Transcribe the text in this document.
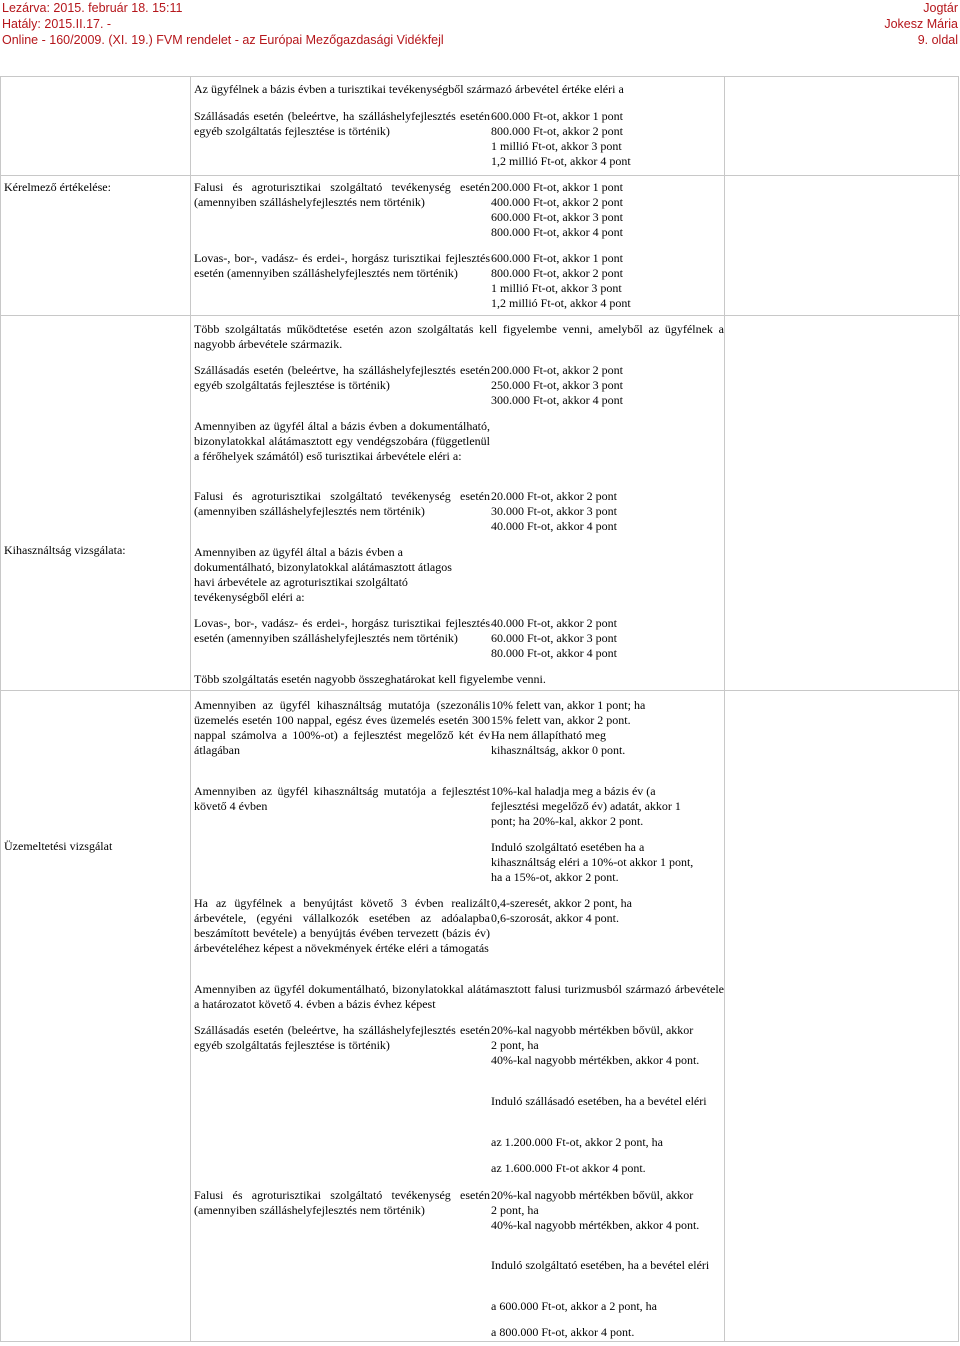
Lezárva: 2015. február 18. 15:11
Hatály: 2015.II.17. -
Online - 160/2009. (XI. 19.) FVM rendelet - az Európai Mezőgazdasági Vidékfejl
Jogtár
Jokesz Mária
9. oldal
Kérelmező értékelése:
Kihasználtság vizsgálata:
Üzemeltetési vizsgálat
Az ügyfélnek a bázis évben a turisztikai tevékenységből származó árbevétel értéke eléri a
Szállásadás esetén (beleértve, ha szálláshelyfejlesztés esetén egyéb szolgáltatás fejlesztése is történik)
600.000 Ft-ot, akkor 1 pont
800.000 Ft-ot, akkor 2 pont
1 millió Ft-ot, akkor 3 pont
1,2 millió Ft-ot, akkor 4 pont
Falusi és agroturisztikai szolgáltató tevékenység esetén (amennyiben szálláshelyfejlesztés nem történik)
200.000 Ft-ot, akkor 1 pont
400.000 Ft-ot, akkor 2 pont
600.000 Ft-ot, akkor 3 pont
800.000 Ft-ot, akkor 4 pont
Lovas-, bor-, vadász- és erdei-, horgász turisztikai fejlesztés esetén (amennyiben szálláshelyfejlesztés nem történik)
600.000 Ft-ot, akkor 1 pont
800.000 Ft-ot, akkor 2 pont
1 millió Ft-ot, akkor 3 pont
1,2 millió Ft-ot, akkor 4 pont
Több szolgáltatás működtetése esetén azon szolgáltatás kell figyelembe venni, amelyből az ügyfélnek a nagyobb árbevétele származik.
Szállásadás esetén (beleértve, ha szálláshelyfejlesztés esetén egyéb szolgáltatás fejlesztése is történik)
200.000 Ft-ot, akkor 2 pont
250.000 Ft-ot, akkor 3 pont
300.000 Ft-ot, akkor 4 pont
Amennyiben az ügyfél által a bázis évben a dokumentálható, bizonylatokkal alátámasztott egy vendégszobára (függetlenül a férőhelyek számától) eső turisztikai árbevétele eléri a:
Falusi és agroturisztikai szolgáltató tevékenység esetén (amennyiben szálláshelyfejlesztés nem történik)
20.000 Ft-ot, akkor 2 pont
30.000 Ft-ot, akkor 3 pont
40.000 Ft-ot, akkor 4 pont
Amennyiben az ügyfél által a bázis évben a
dokumentálható, bizonylatokkal alátámasztott átlagos
havi árbevétele az agroturisztikai szolgáltató
tevékenységből eléri a:
Lovas-, bor-, vadász- és erdei-, horgász turisztikai fejlesztés esetén (amennyiben szálláshelyfejlesztés nem történik)
40.000 Ft-ot, akkor 2 pont
60.000 Ft-ot, akkor 3 pont
80.000 Ft-ot, akkor 4 pont
Több szolgáltatás esetén nagyobb összeghatárokat kell figyelembe venni.
Amennyiben az ügyfél kihasználtság mutatója (szezonális üzemelés esetén 100 nappal, egész éves üzemelés esetén 300 nappal számolva a 100%-ot) a fejlesztést megelőző két év átlagában
10% felett van, akkor 1 pont; ha
15% felett van, akkor 2 pont.
Ha nem állapítható meg
kihasználtság, akkor 0 pont.
Amennyiben az ügyfél kihasználtság mutatója a fejlesztést követő 4 évben
10%-kal haladja meg a bázis év (a
fejlesztési megelőző év) adatát, akkor 1
pont; ha 20%-kal, akkor 2 pont.
Induló szolgáltató esetében ha a
kihasználtság eléri a 10%-ot akkor 1 pont,
ha a 15%-ot, akkor 2 pont.
Ha az ügyfélnek a benyújtást követő 3 évben realizált árbevétele, (egyéni vállalkozók esetében az adóalapba beszámított bevétele) a benyújtás évében tervezett (bázis év) árbevételéhez képest a növekmények értéke eléri a támogatás
0,4-szeresét, akkor 2 pont, ha
0,6-szorosát, akkor 4 pont.
Amennyiben az ügyfél dokumentálható, bizonylatokkal alátámasztott falusi turizmusból származó árbevétele a határozatot követő 4. évben a bázis évhez képest
Szállásadás esetén (beleértve, ha szálláshelyfejlesztés esetén egyéb szolgáltatás fejlesztése is történik)
20%-kal nagyobb mértékben bővül, akkor
2 pont, ha
40%-kal nagyobb mértékben, akkor 4 pont.
Induló szállásadó esetében, ha a bevétel eléri
az 1.200.000 Ft-ot, akkor 2 pont, ha
az 1.600.000 Ft-ot akkor 4 pont.
Falusi és agroturisztikai szolgáltató tevékenység esetén (amennyiben szálláshelyfejlesztés nem történik)
20%-kal nagyobb mértékben bővül, akkor
2 pont, ha
40%-kal nagyobb mértékben, akkor 4 pont.
Induló szolgáltató esetében, ha a bevétel eléri
a 600.000 Ft-ot, akkor a 2 pont, ha
a 800.000 Ft-ot, akkor 4 pont.
